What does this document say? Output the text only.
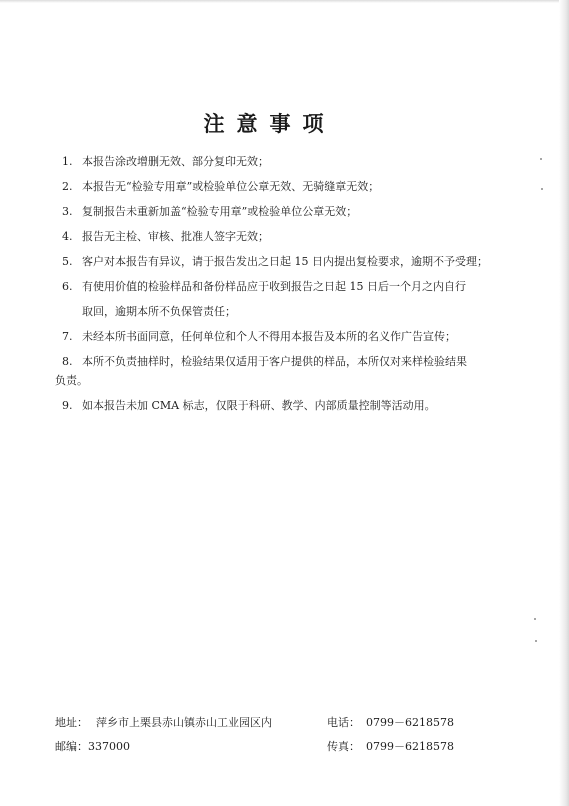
注意事项
1. 本报告涂改增删无效、部分复印无效；
2. 本报告无“检验专用章”或检验单位公章无效、无骑缝章无效；
3. 复制报告未重新加盖“检验专用章”或检验单位公章无效；
4. 报告无主检、审核、批准人签字无效；
5. 客户对本报告有异议，请于报告发出之日起 15 日内提出复检要求，逾期不予受理；
6. 有使用价值的检验样品和备份样品应于收到报告之日起 15 日后一个月之内自行
取回，逾期本所不负保管责任；
7. 未经本所书面同意，任何单位和个人不得用本报告及本所的名义作广告宣传；
8. 本所不负责抽样时，检验结果仅适用于客户提供的样品，本所仅对来样检验结果
负责。
9. 如本报告未加 CMA 标志，仅限于科研、教学、内部质量控制等活动用。
地址： 萍乡市上栗县赤山镇赤山工业园区内	电话： 0799－6218578
邮编：337000	传真： 0799－6218578
